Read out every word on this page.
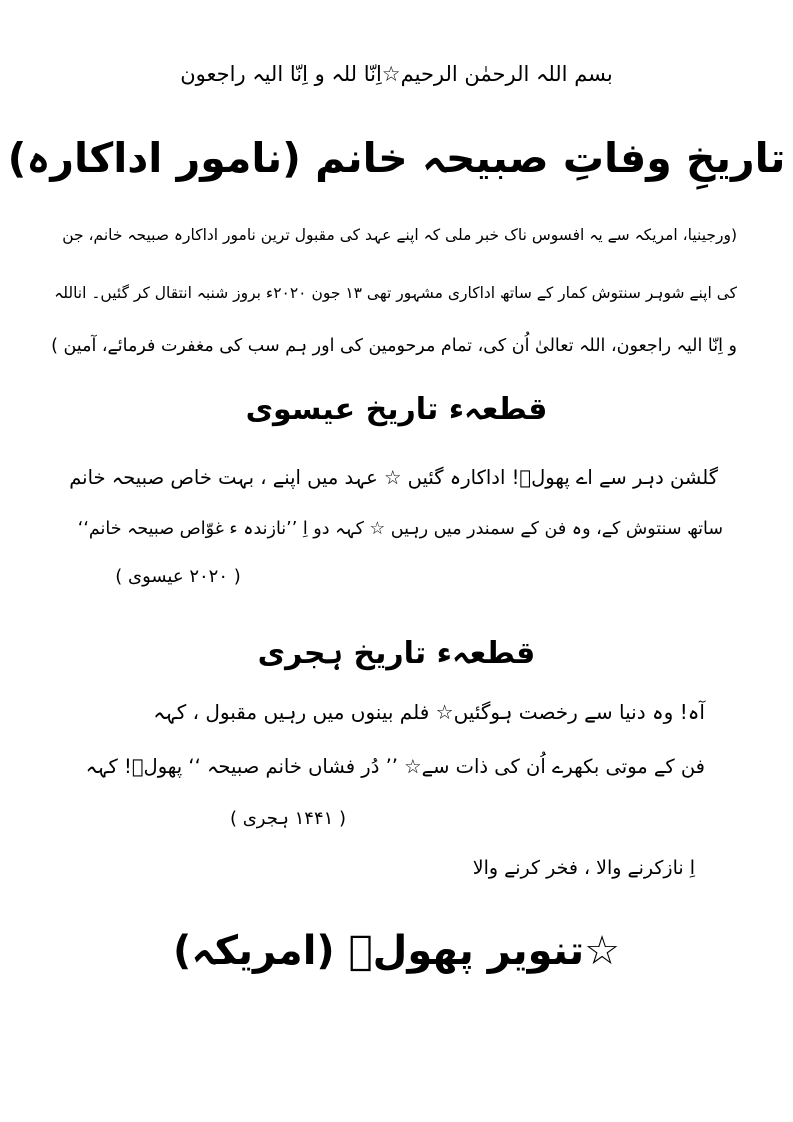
بسم اللہ الرحمٰن الرحیم☆اِنّا للہ و اِنّا الیہ راجعون
تاریخِ وفاتِ صبیحہ خانم (نامور اداکارہ)
(ورجینیا، امریکہ سے یہ افسوس ناک خبر ملی کہ اپنے عہد کی مقبول ترین نامور اداکارہ صبیحہ خانم، جن
کی اپنے شوہر سنتوش کمار کے ساتھ اداکاری مشہور تھی ۱۳ جون ۲۰۲۰ء بروز شنبہ انتقال کر گئیں۔ اناللہ
و اِنّا الیہ راجعون، اللہ تعالیٰ اُن کی، تمام مرحومین کی اور ہم سب کی مغفرت فرمائے، آمین )
قطعہء تاریخ عیسوی
گلشن دہر سے اے پھولؔ! اداکارہ گئیں ☆ عہد میں اپنے ، بہت خاص صبیحہ خانم
ساتھ سنتوش کے، وہ فن کے سمندر میں رہیں ☆ کہہ دو اِ ’’نازندہ ء غوّاص صبیحہ خانم‘‘
( ۲۰۲۰ عیسوی )
قطعہء تاریخ ہجری
آہ! وہ دنیا سے رخصت ہوگئیں☆ فلم بینوں میں رہیں مقبول ، کہہ
فن کے موتی بکھرے اُن کی ذات سے☆ ’’ دُر فشاں خانم صبیحہ ‘‘ پھولؔ! کہہ
( ۱۴۴۱ ہجری )
اِ نازکرنے والا ، فخر کرنے والا
☆تنویر پھولؔ (امریکہ)
